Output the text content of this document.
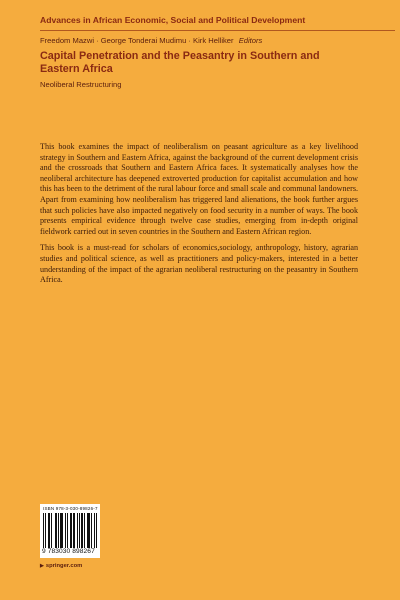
Advances in African Economic, Social and Political Development
Freedom Mazwi · George Tonderai Mudimu · Kirk Helliker Editors
Capital Penetration and the Peasantry in Southern and Eastern Africa
Neoliberal Restructuring

This book examines the impact of neoliberalism on peasant agriculture as a key livelihood strategy in Southern and Eastern Africa, against the background of the current development crisis and the crossroads that Southern and Eastern Africa faces. It systematically analyses how the neoliberal architecture has deepened extroverted production for capitalist accumulation and how this has been to the detriment of the rural labour force and small scale and communal landowners. Apart from examining how neoliberalism has triggered land alienations, the book further argues that such policies have also impacted negatively on food security in a number of ways. The book presents empirical evidence through twelve case studies, emerging from in-depth original fieldwork carried out in seven countries in the Southern and Eastern African region.

This book is a must-read for scholars of economics,sociology, anthropology, history, agrarian studies and political science, as well as practitioners and policy-makers, interested in a better understanding of the impact of the agrarian neoliberal restructuring on the peasantry in Southern Africa.

ISBN 978-3-030-89826-7
9 783030 898267
▶ springer.com
